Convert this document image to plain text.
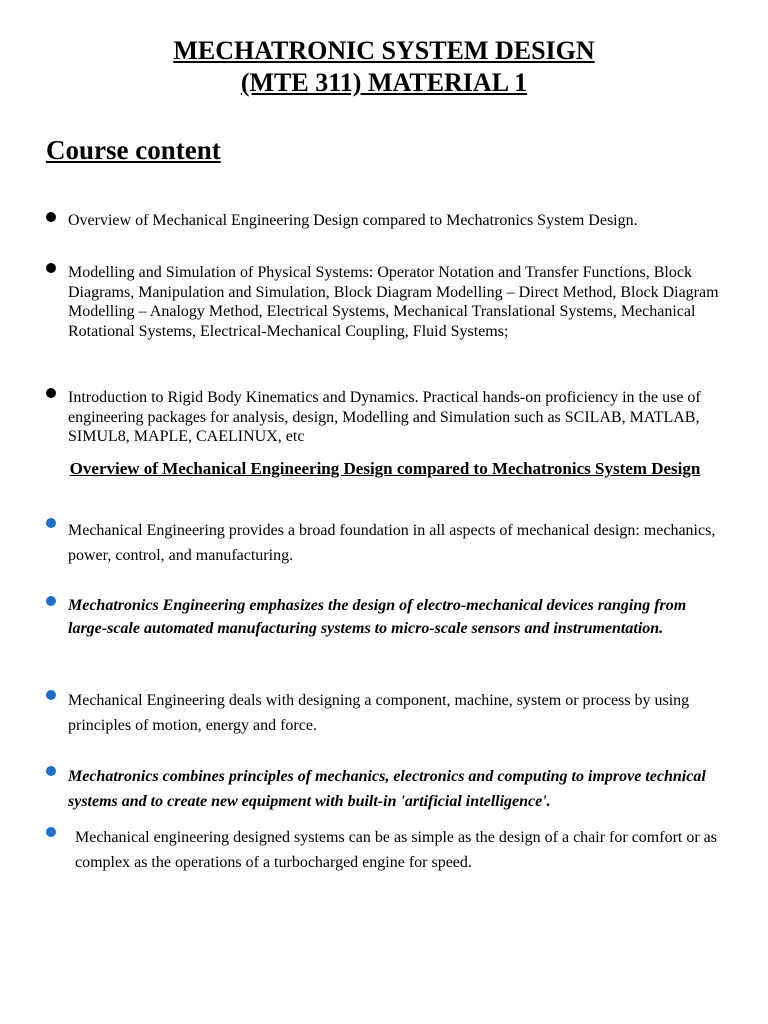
MECHATRONIC SYSTEM DESIGN
(MTE 311) MATERIAL 1
Course content
Overview of Mechanical Engineering Design compared to Mechatronics System Design.
Modelling and Simulation of Physical Systems: Operator Notation and Transfer Functions, Block Diagrams, Manipulation and Simulation, Block Diagram Modelling – Direct Method, Block Diagram Modelling – Analogy Method, Electrical Systems, Mechanical Translational Systems, Mechanical Rotational Systems, Electrical-Mechanical Coupling, Fluid Systems;
Introduction to Rigid Body Kinematics and Dynamics. Practical hands-on proficiency in the use of engineering packages for analysis, design, Modelling and Simulation such as SCILAB, MATLAB, SIMUL8, MAPLE, CAELINUX, etc
Overview of Mechanical Engineering Design compared to Mechatronics System Design
Mechanical Engineering provides a broad foundation in all aspects of mechanical design: mechanics, power, control, and manufacturing.
Mechatronics Engineering emphasizes the design of electro-mechanical devices ranging from large-scale automated manufacturing systems to micro-scale sensors and instrumentation.
Mechanical Engineering deals with designing a component, machine, system or process by using principles of motion, energy and force.
Mechatronics combines principles of mechanics, electronics and computing to improve technical systems and to create new equipment with built-in 'artificial intelligence'.
Mechanical engineering designed systems can be as simple as the design of a chair for comfort or as complex as the operations of a turbocharged engine for speed.
